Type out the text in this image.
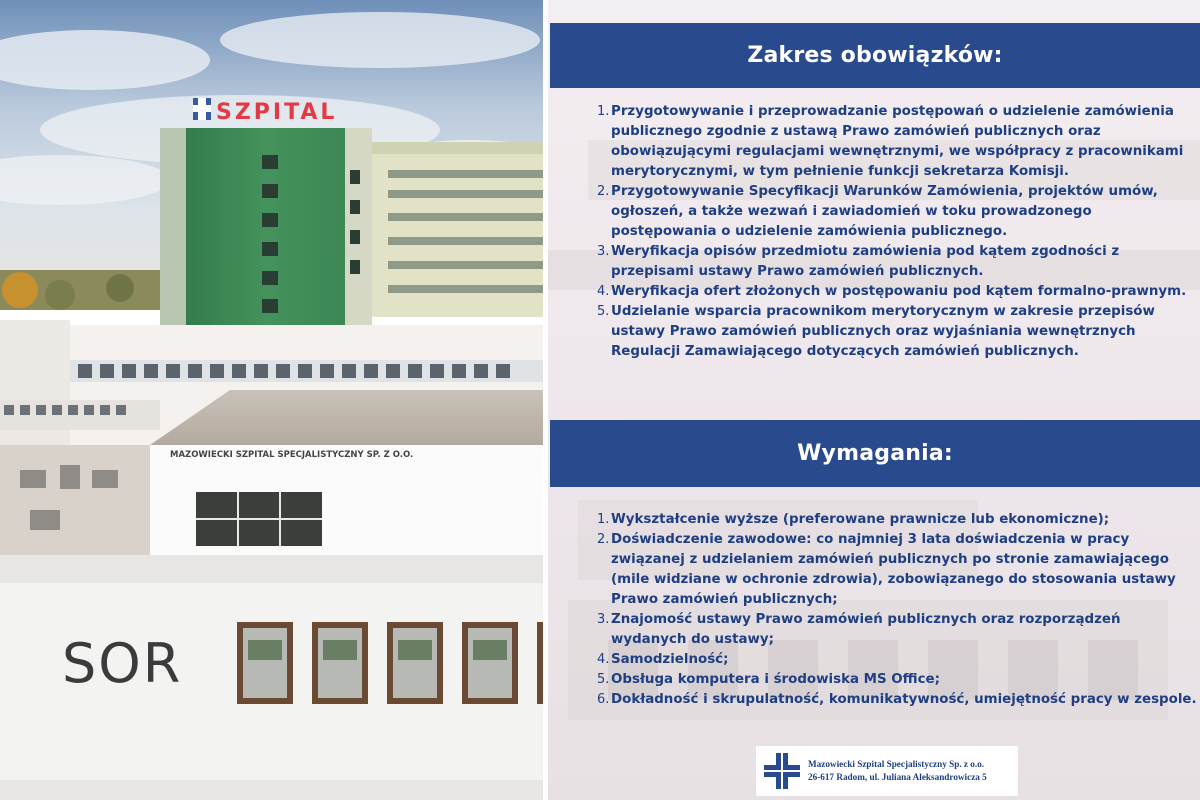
SZPITAL
MAZOWIECKI SZPITAL SPECJALISTYCZNY SP. Z O.O.
SOR
Zakres obowiązków:
1. Przygotowywanie i przeprowadzanie postępowań o udzielenie zamówienia publicznego zgodnie z ustawą Prawo zamówień publicznych oraz obowiązującymi regulacjami wewnętrznymi, we współpracy z pracownikami merytorycznymi, w tym pełnienie funkcji sekretarza Komisji.
2. Przygotowywanie Specyfikacji Warunków Zamówienia, projektów umów, ogłoszeń, a także wezwań i zawiadomień w toku prowadzonego postępowania o udzielenie zamówienia publicznego.
3. Weryfikacja opisów przedmiotu zamówienia pod kątem zgodności z przepisami ustawy Prawo zamówień publicznych.
4. Weryfikacja ofert złożonych w postępowaniu pod kątem formalno-prawnym.
5. Udzielanie wsparcia pracownikom merytorycznym w zakresie przepisów ustawy Prawo zamówień publicznych oraz wyjaśniania wewnętrznych Regulacji Zamawiającego dotyczących zamówień publicznych.
Wymagania:
1. Wykształcenie wyższe (preferowane prawnicze lub ekonomiczne);
2. Doświadczenie zawodowe: co najmniej 3 lata doświadczenia w pracy związanej z udzielaniem zamówień publicznych po stronie zamawiającego (mile widziane w ochronie zdrowia), zobowiązanego do stosowania ustawy Prawo zamówień publicznych;
3. Znajomość ustawy Prawo zamówień publicznych oraz rozporządzeń wydanych do ustawy;
4. Samodzielność;
5. Obsługa komputera i środowiska MS Office;
6. Dokładność i skrupulatność, komunikatywność, umiejętność pracy w zespole.
Mazowiecki Szpital Specjalistyczny Sp. z o.o.
26-617 Radom, ul. Juliana Aleksandrowicza 5
